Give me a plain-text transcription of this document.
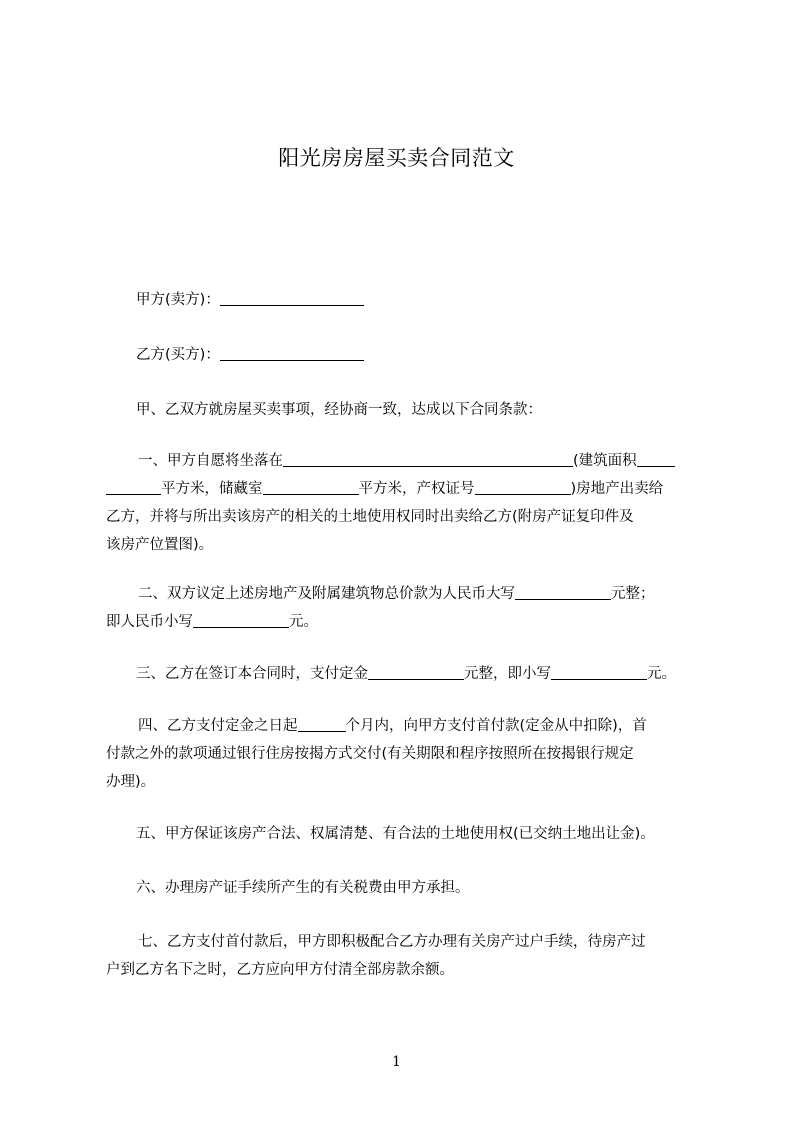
阳光房房屋买卖合同范文
甲方(卖方)：
乙方(买方)：
甲、乙双方就房屋买卖事项，经协商一致，达成以下合同条款：
一、甲方自愿将坐落在	(建筑面积
平方米，储藏室	平方米，产权证号	)房地产出卖给
乙方，并将与所出卖该房产的相关的土地使用权同时出卖给乙方(附房产证复印件及
该房产位置图)。
二、双方议定上述房地产及附属建筑物总价款为人民币大写	元整；
即人民币小写	元。
三、乙方在签订本合同时，支付定金	元整，即小写	元。
四、乙方支付定金之日起	个月内，向甲方支付首付款(定金从中扣除)，首
付款之外的款项通过银行住房按揭方式交付(有关期限和程序按照所在按揭银行规定
办理)。
五、甲方保证该房产合法、权属清楚、有合法的土地使用权(已交纳土地出让金)。
六、办理房产证手续所产生的有关税费由甲方承担。
七、乙方支付首付款后，甲方即积极配合乙方办理有关房产过户手续，待房产过
户到乙方名下之时，乙方应向甲方付清全部房款余额。
1
